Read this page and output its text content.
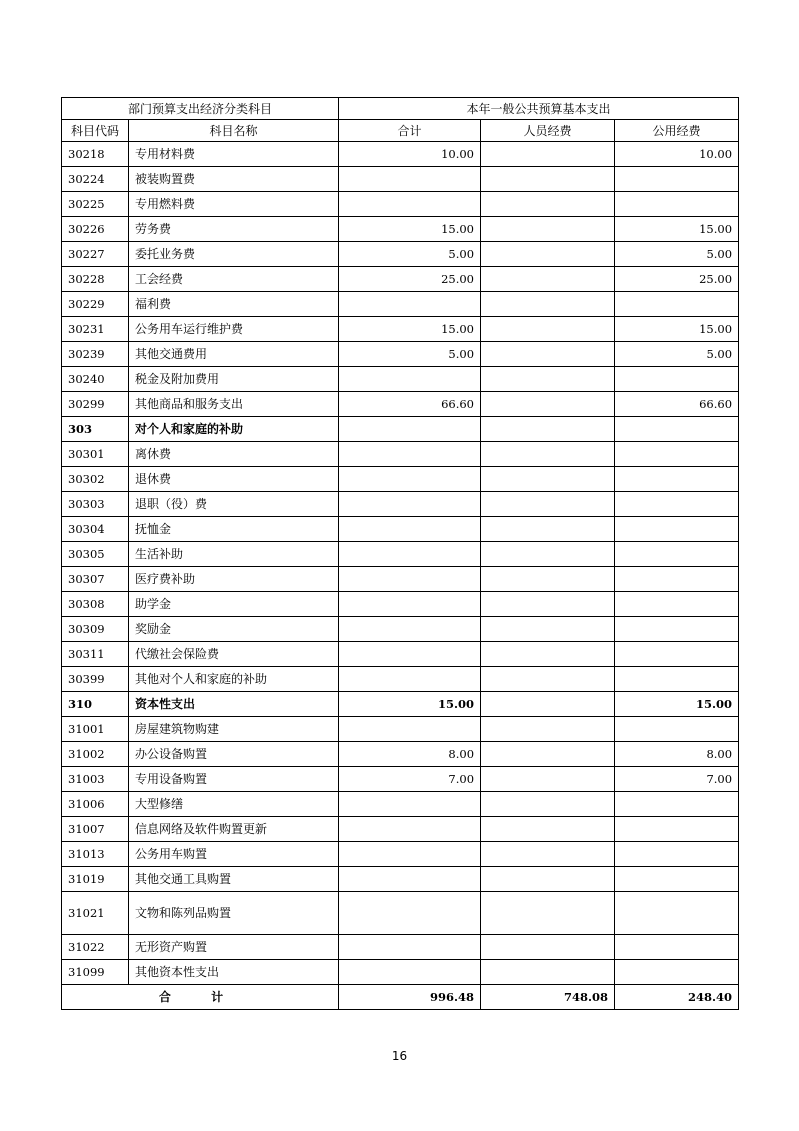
部门预算支出经济分类科目		本年一般公共预算基本支出		
科目代码	科目名称	合计	人员经费	公用经费
30218	专用材料费	10.00		10.00
30224	被装购置费			
30225	专用燃料费			
30226	劳务费	15.00		15.00
30227	委托业务费	5.00		5.00
30228	工会经费	25.00		25.00
30229	福利费			
30231	公务用车运行维护费	15.00		15.00
30239	其他交通费用	5.00		5.00
30240	税金及附加费用			
30299	其他商品和服务支出	66.60		66.60
303	对个人和家庭的补助			
30301	离休费			
30302	退休费			
30303	退职（役）费			
30304	抚恤金			
30305	生活补助			
30307	医疗费补助			
30308	助学金			
30309	奖励金			
30311	代缴社会保险费			
30399	其他对个人和家庭的补助			
310	资本性支出	15.00		15.00
31001	房屋建筑物购建			
31002	办公设备购置	8.00		8.00
31003	专用设备购置	7.00		7.00
31006	大型修缮			
31007	信息网络及软件购置更新			
31013	公务用车购置			
31019	其他交通工具购置			
31021	文物和陈列品购置			
31022	无形资产购置			
31099	其他资本性支出			
合 计		996.48	748.08	248.40
16
